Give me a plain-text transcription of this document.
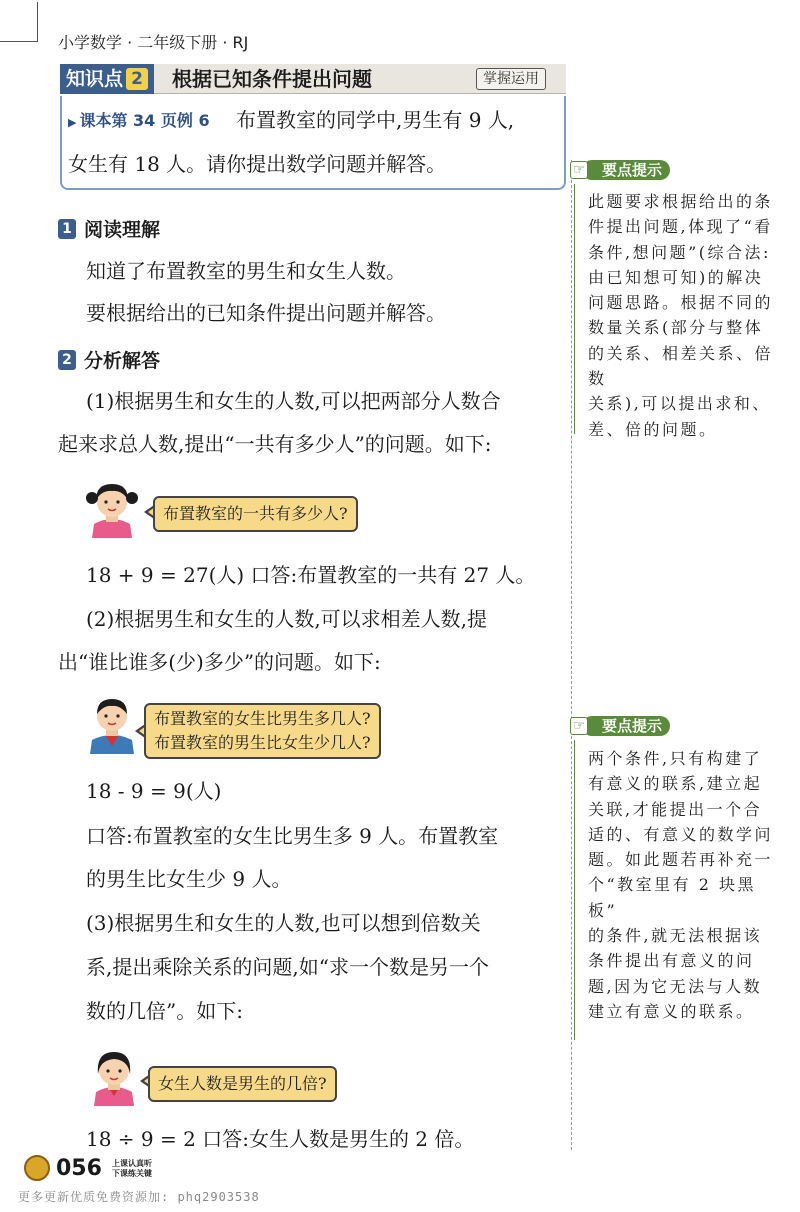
小学数学 · 二年级下册 · RJ
知识点 2 根据已知条件提出问题	掌握运用
▶ 课本第 34 页例 6 布置教室的同学中,男生有 9 人,
女生有 18 人。请你提出数学问题并解答。
1 阅读理解
知道了布置教室的男生和女生人数。
要根据给出的已知条件提出问题并解答。
2 分析解答
(1)根据男生和女生的人数,可以把两部分人数合
起来求总人数,提出“一共有多少人”的问题。如下:
布置教室的一共有多少人?
18 + 9 = 27(人) 口答:布置教室的一共有 27 人。
(2)根据男生和女生的人数,可以求相差人数,提
出“谁比谁多(少)多少”的问题。如下:
布置教室的女生比男生多几人?
布置教室的男生比女生少几人?
18 - 9 = 9(人)
口答:布置教室的女生比男生多 9 人。布置教室
的男生比女生少 9 人。
(3)根据男生和女生的人数,也可以想到倍数关
系,提出乘除关系的问题,如“求一个数是另一个
数的几倍”。如下:
女生人数是男生的几倍?
18 ÷ 9 = 2 口答:女生人数是男生的 2 倍。
要点提示
☞
此题要求根据给出的条
件提出问题,体现了“看
条件,想问题”(综合法:
由已知想可知)的解决
问题思路。根据不同的
数量关系(部分与整体
的关系、相差关系、倍数
关系),可以提出求和、
差、倍的问题。
要点提示
☞
两个条件,只有构建了
有意义的联系,建立起
关联,才能提出一个合
适的、有意义的数学问
题。如此题若再补充一
个“教室里有 2 块黑板”
的条件,就无法根据该
条件提出有意义的问
题,因为它无法与人数
建立有意义的联系。
056 上课认真听
下课练关键
更多更新优质免费资源加: phq2903538
